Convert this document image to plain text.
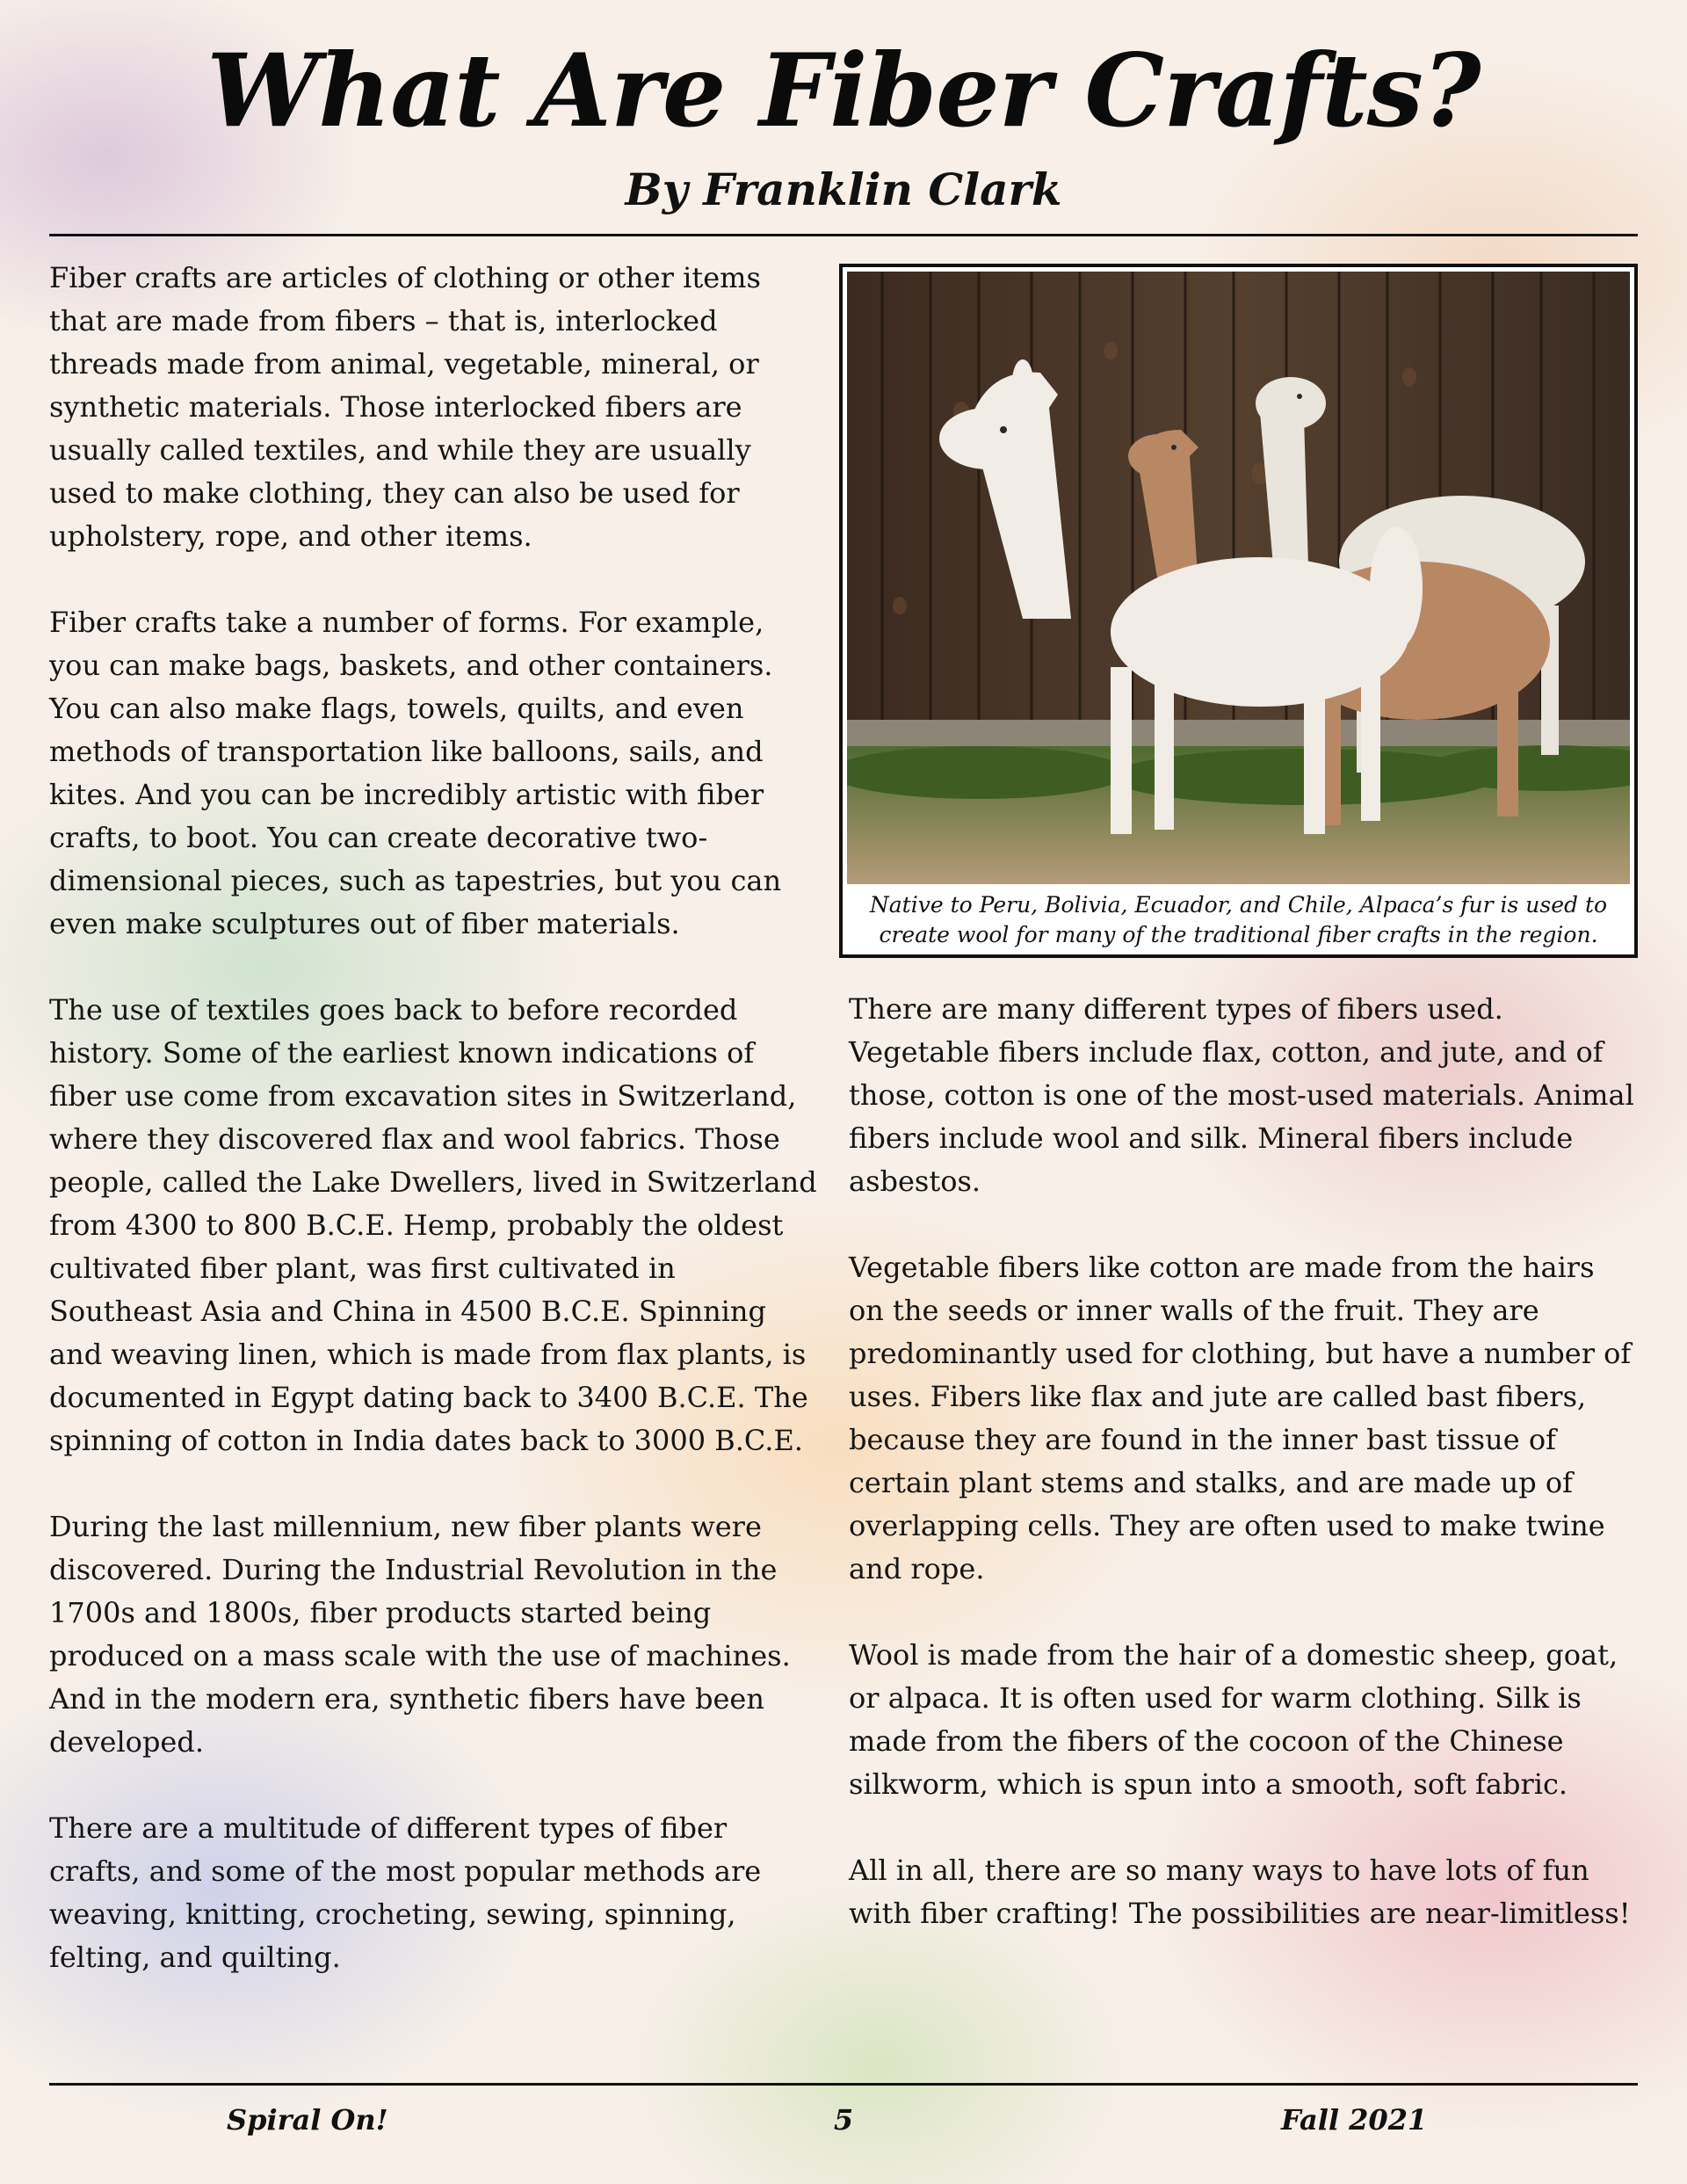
What Are Fiber Crafts?
By Franklin Clark

Fiber crafts are articles of clothing or other items that are made from fibers – that is, interlocked threads made from animal, vegetable, mineral, or synthetic materials. Those interlocked fibers are usually called textiles, and while they are usually used to make clothing, they can also be used for upholstery, rope, and other items.

Fiber crafts take a number of forms. For example, you can make bags, baskets, and other containers. You can also make flags, towels, quilts, and even methods of transportation like balloons, sails, and kites. And you can be incredibly artistic with fiber crafts, to boot. You can create decorative two-dimensional pieces, such as tapestries, but you can even make sculptures out of fiber materials.

The use of textiles goes back to before recorded history. Some of the earliest known indications of fiber use come from excavation sites in Switzerland, where they discovered flax and wool fabrics. Those people, called the Lake Dwellers, lived in Switzerland from 4300 to 800 B.C.E. Hemp, probably the oldest cultivated fiber plant, was first cultivated in Southeast Asia and China in 4500 B.C.E. Spinning and weaving linen, which is made from flax plants, is documented in Egypt dating back to 3400 B.C.E. The spinning of cotton in India dates back to 3000 B.C.E.

During the last millennium, new fiber plants were discovered. During the Industrial Revolution in the 1700s and 1800s, fiber products started being produced on a mass scale with the use of machines. And in the modern era, synthetic fibers have been developed.

There are a multitude of different types of fiber crafts, and some of the most popular methods are weaving, knitting, crocheting, sewing, spinning, felting, and quilting.

Native to Peru, Bolivia, Ecuador, and Chile, Alpaca’s fur is used to create wool for many of the traditional fiber crafts in the region.

There are many different types of fibers used. Vegetable fibers include flax, cotton, and jute, and of those, cotton is one of the most-used materials. Animal fibers include wool and silk. Mineral fibers include asbestos.

Vegetable fibers like cotton are made from the hairs on the seeds or inner walls of the fruit. They are predominantly used for clothing, but have a number of uses. Fibers like flax and jute are called bast fibers, because they are found in the inner bast tissue of certain plant stems and stalks, and are made up of overlapping cells. They are often used to make twine and rope.

Wool is made from the hair of a domestic sheep, goat, or alpaca. It is often used for warm clothing. Silk is made from the fibers of the cocoon of the Chinese silkworm, which is spun into a smooth, soft fabric.

All in all, there are so many ways to have lots of fun with fiber crafting! The possibilities are near-limitless!

Spiral On!	5	Fall 2021
